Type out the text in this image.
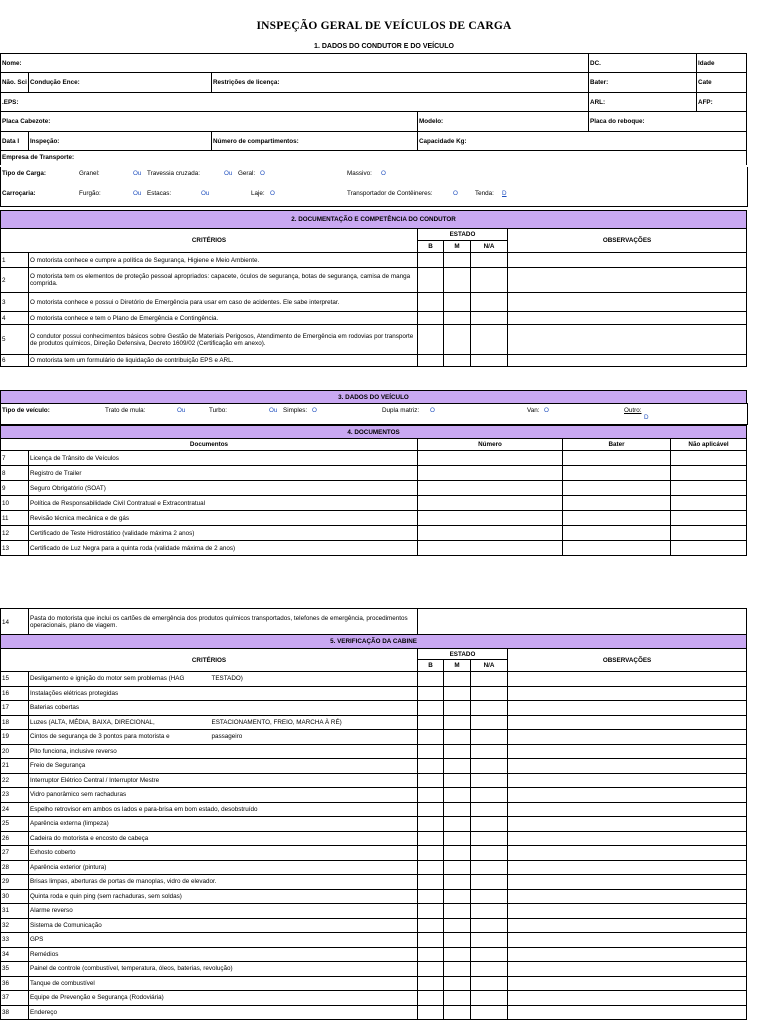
INSPEÇÃO GERAL DE VEÍCULOS DE CARGA
1. DADOS DO CONDUTOR E DO VEÍCULO
Nome:				DC.	Idade
Não. Sci	Condução Ence:	Restrições de licença:		Bater:	Cate
.EPS:				ARL:	AFP:
Placa Cabezote:			Modelo:	Placa do reboque:	
Data I	Inspeção:	Número de compartimentos:	Capacidade Kg:		
Empresa de Transporte:					
Tipo de Carga:	Granel:	Ou Travessia cruzada:	Ou Geral: O	Massivo: O
Carroçaria:	Furgão:	Ou Estacas:	Ou	Laje: O	Transportador de Contêineres:	O	Tenda: D
2. DOCUMENTAÇÃO E COMPETÊNCIA DO CONDUTOR					
CRITÉRIOS		ESTADO			OBSERVAÇÕES
		B	M	N/A	
1	O motorista conhece e cumpre a política de Segurança, Higiene e Meio Ambiente.				
2	O motorista tem os elementos de proteção pessoal apropriados: capacete, óculos de segurança, botas de segurança, camisa de manga comprida.				
3	O motorista conhece e possui o Diretório de Emergência para usar em caso de acidentes. Ele sabe interpretar.				
4	O motorista conhece e tem o Plano de Emergência e Contingência.				
5	O condutor possui conhecimentos básicos sobre Gestão de Materiais Perigosos, Atendimento de Emergência em rodovias por transporte de produtos químicos, Direção Defensiva, Decreto 1609/02 (Certificação em anexo).				
6	O motorista tem um formulário de liquidação de contribuição EPS e ARL.				
3. DADOS DO VEÍCULO
Tipo de veículo:	Trato de mula:	Ou	Turbo:	Ou Simples: O	Dupla matriz: O	Van: O	Outro:
D
4. DOCUMENTOS				
Documentos		Número	Bater	Não aplicável
7	Licença de Trânsito de Veículos			
8	Registro de Trailer			
9	Seguro Obrigatório (SOAT)			
10	Política de Responsabilidade Civil Contratual e Extracontratual			
11	Revisão técnica mecânica e de gás			
12	Certificado de Teste Hidrostático (validade máxima 2 anos)			
13	Certificado de Luz Negra para a quinta roda (validade máxima de 2 anos)			
14	Pasta do motorista que inclui os cartões de emergência dos produtos químicos transportados, telefones de emergência, procedimentos operacionais, plano de viagem.	
5. VERIFICAÇÃO DA CABINE						
CRITÉRIOS			ESTADO			OBSERVAÇÕES
			B	M	N/A	
15	Desligamento e ignição do motor sem problemas (HAG	TESTADO)				
16	Instalações elétricas protegidas					
17	Baterias cobertas					
18	Luzes (ALTA, MÉDIA, BAIXA, DIRECIONAL,	ESTACIONAMENTO, FREIO, MARCHA À RÉ)				
19	Cintos de segurança de 3 pontos para motorista e	passageiro				
20	Pito funciona, inclusive reverso					
21	Freio de Segurança					
22	Interruptor Elétrico Central / Interruptor Mestre					
23	Vidro panorâmico sem rachaduras					
24	Espelho retrovisor em ambos os lados e para-brisa em bom estado, desobstruído					
25	Aparência externa (limpeza)					
26	Cadeira do motorista e encosto de cabeça					
27	Exhosto coberto					
28	Aparência exterior (pintura)					
29	Brisas limpas, aberturas de portas de manoplas, vidro de elevador.					
30	Quinta roda e quin ping (sem rachaduras, sem soldas)					
31	Alarme reverso					
32	Sistema de Comunicação					
33	GPS					
34	Remédios					
35	Painel de controle (combustível, temperatura, óleos, baterias, revolução)					
36	Tanque de combustível					
37	Equipe de Prevenção e Segurança (Rodoviária)					
38	Endereço					
